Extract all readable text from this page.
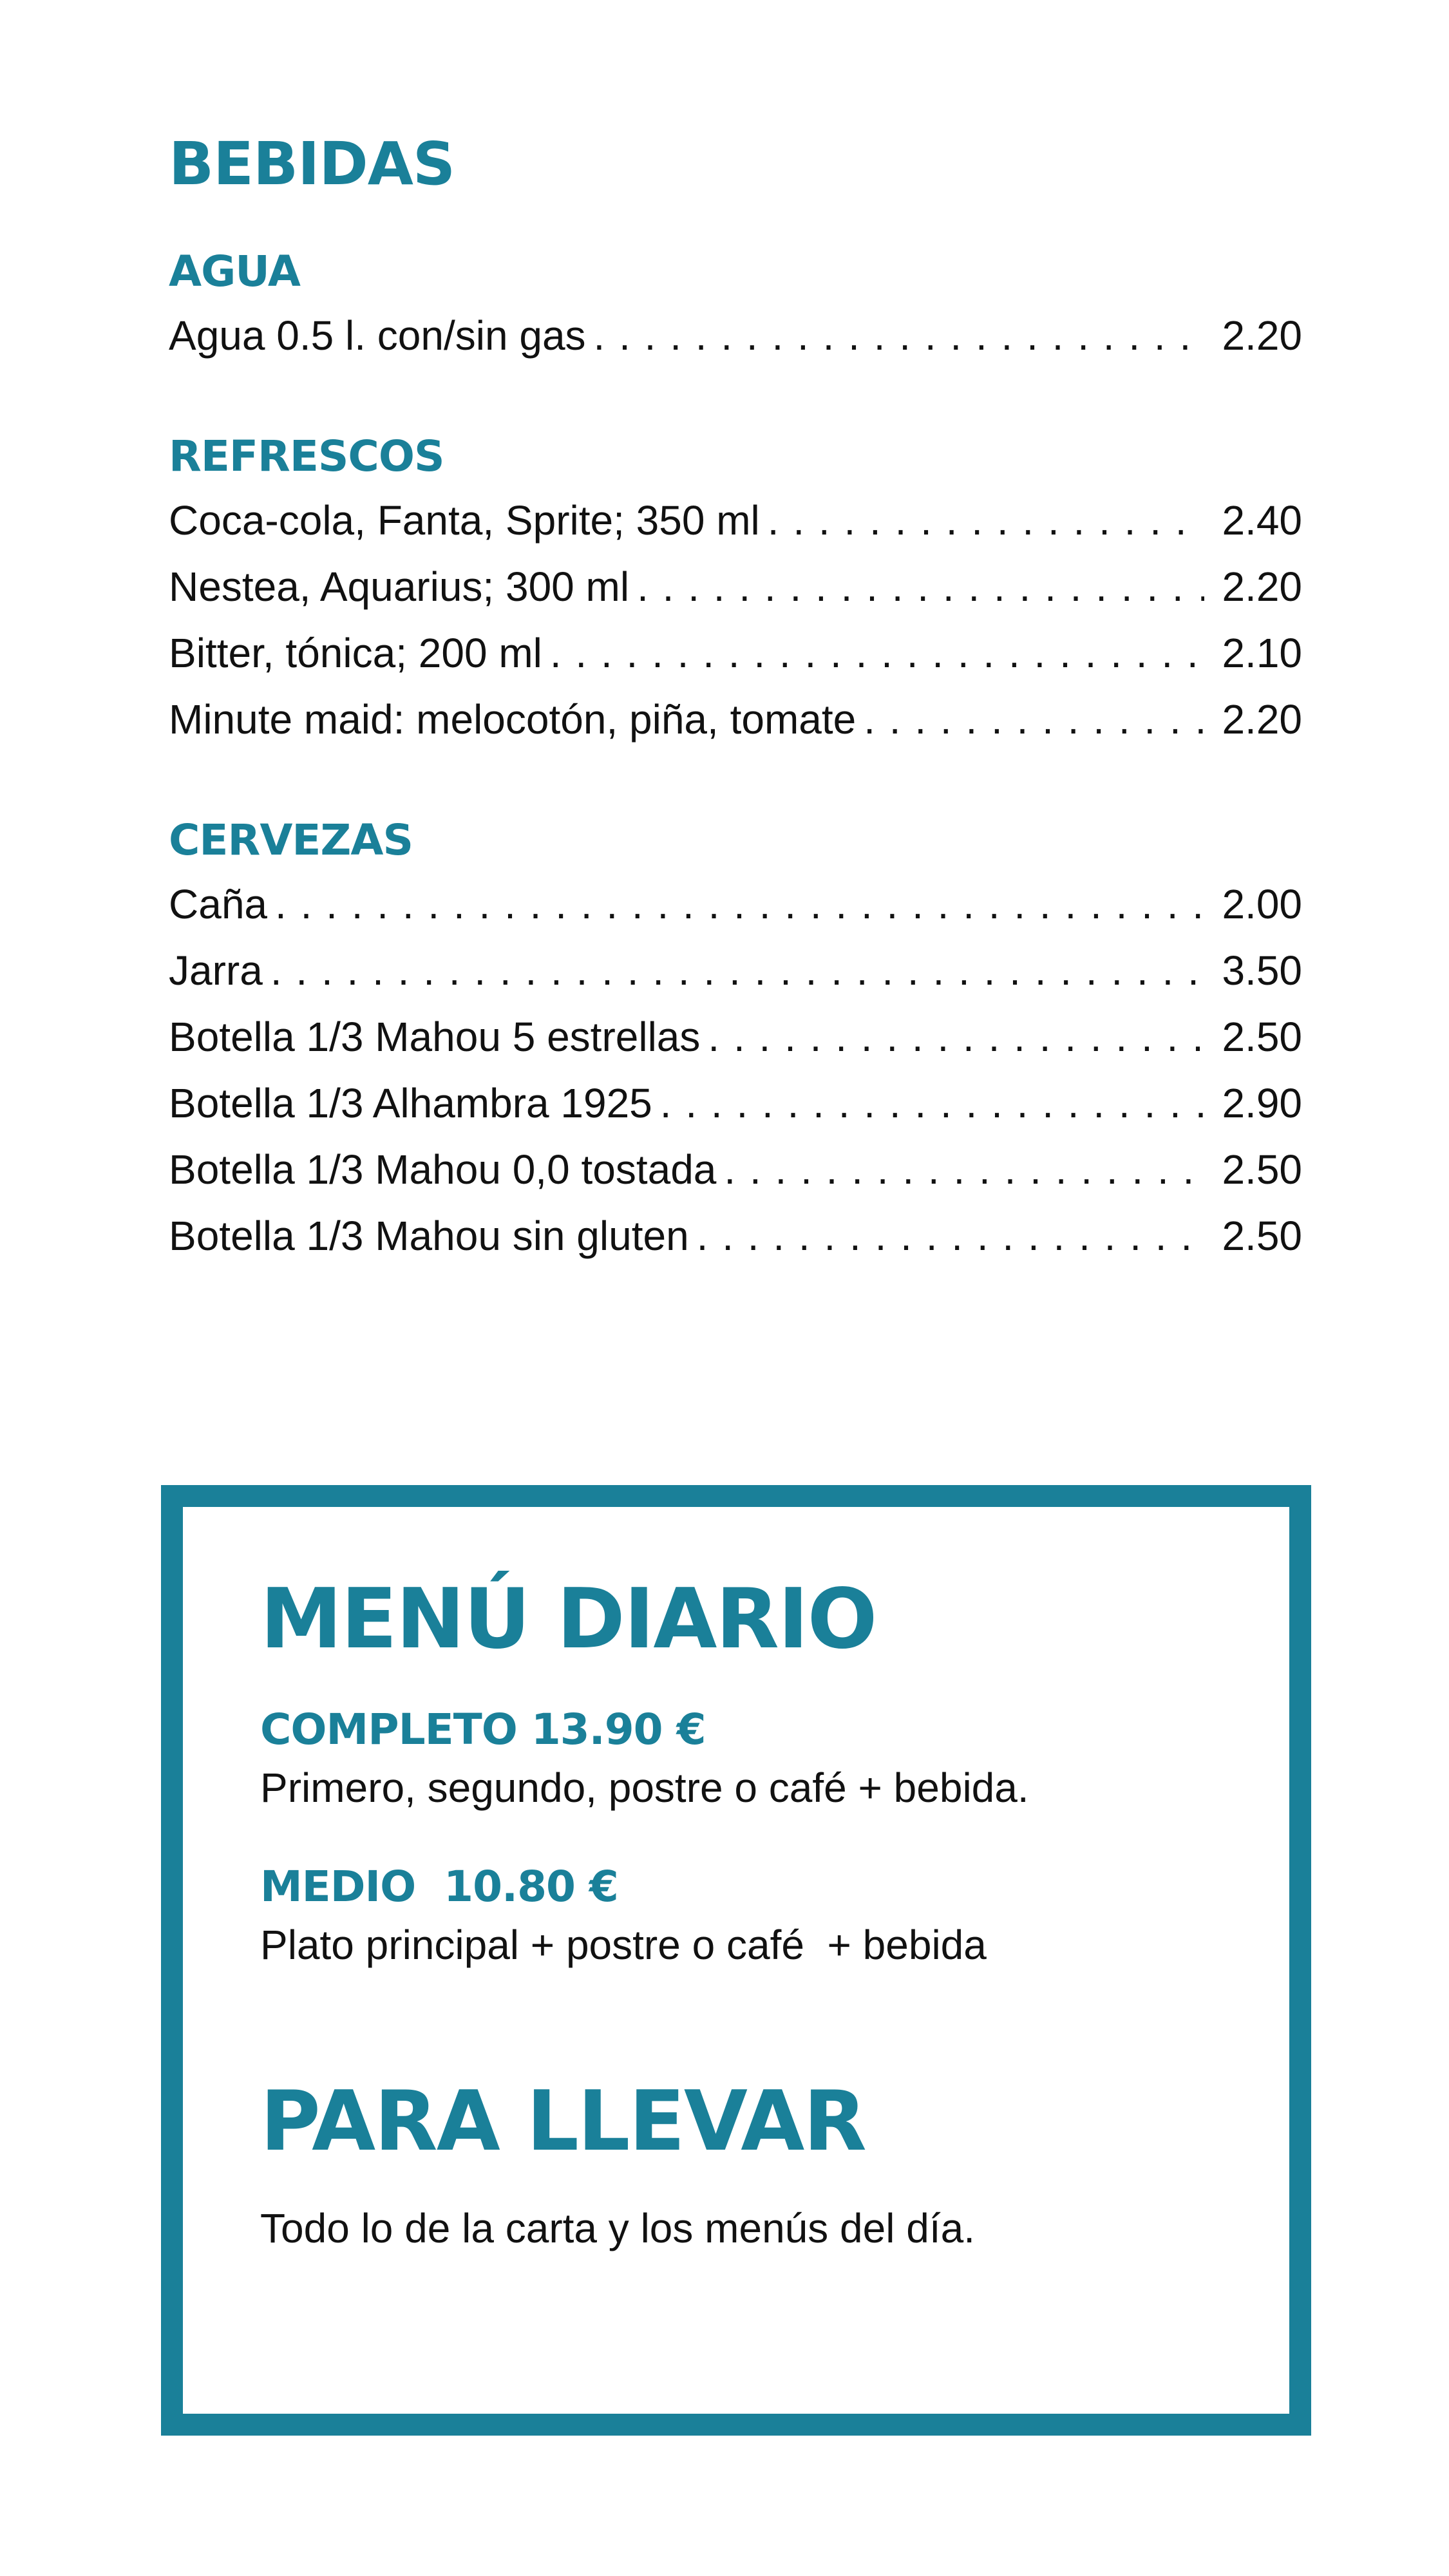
BEBIDAS
AGUA
Agua 0.5 l. con/sin gas . . .	2.20
REFRESCOS
Coca-cola, Fanta, Sprite; 350 ml . . .	2.40
Nestea, Aquarius; 300 ml . . .	2.20
Bitter, tónica; 200 ml . . .	2.10
Minute maid: melocotón, piña, tomate . . .	2.20
CERVEZAS
Caña . . .	2.00
Jarra . . .	3.50
Botella 1/3 Mahou 5 estrellas . . .	2.50
Botella 1/3 Alhambra 1925 . . .	2.90
Botella 1/3 Mahou 0,0 tostada . . .	2.50
Botella 1/3 Mahou sin gluten . . .	2.50
MENÚ DIARIO
COMPLETO 13.90 €

Primero, segundo, postre o café + bebida.

MEDIO  10.80 €

Plato principal + postre o café  + bebida

PARA LLEVAR

Todo lo de la carta y los menús del día.
